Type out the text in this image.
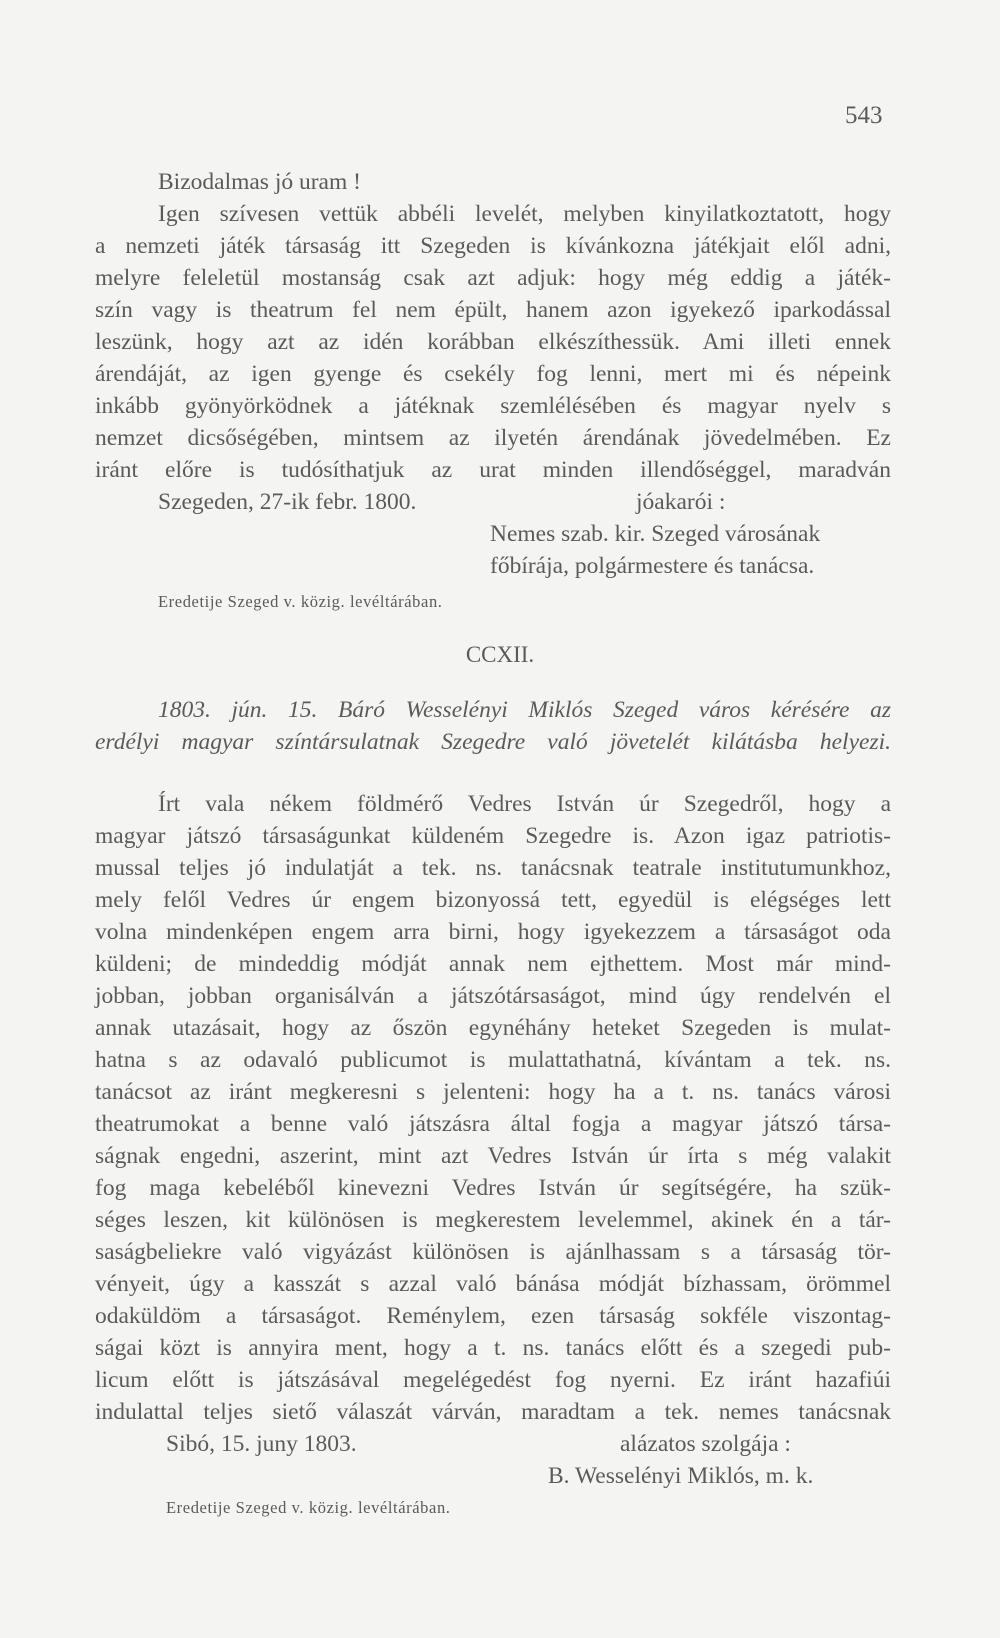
543
Bizodalmas jó uram !
Igen szívesen vettük abbéli levelét, melyben kinyilatkoztatott, hogy
a nemzeti játék társaság itt Szegeden is kívánkozna játékjait elől adni,
melyre feleletül mostanság csak azt adjuk: hogy még eddig a játék-
szín vagy is theatrum fel nem épült, hanem azon igyekező iparkodással
leszünk, hogy azt az idén korábban elkészíthessük. Ami illeti ennek
árendáját, az igen gyenge és csekély fog lenni, mert mi és népeink
inkább gyönyörködnek a játéknak szemlélésében és magyar nyelv s
nemzet dicsőségében, mintsem az ilyetén árendának jövedelmében. Ez
iránt előre is tudósíthatjuk az urat minden illendőséggel, maradván
Szegeden, 27-ik febr. 1800.	jóakarói :
Nemes szab. kir. Szeged városának
főbírája, polgármestere és tanácsa.
Eredetije Szeged v. közig. levéltárában.
CCXII.
1803. jún. 15. Báró Wesselényi Miklós Szeged város kérésére az
erdélyi magyar színtársulatnak Szegedre való jövetelét kilátásba helyezi.
Írt vala nékem földmérő Vedres István úr Szegedről, hogy a
magyar játszó társaságunkat küldeném Szegedre is. Azon igaz patriotis-
mussal teljes jó indulatját a tek. ns. tanácsnak teatrale institutumunkhoz,
mely felől Vedres úr engem bizonyossá tett, egyedül is elégséges lett
volna mindenképen engem arra birni, hogy igyekezzem a társaságot oda
küldeni; de mindeddig módját annak nem ejthettem. Most már mind-
jobban, jobban organisálván a játszótársaságot, mind úgy rendelvén el
annak utazásait, hogy az őszön egynéhány heteket Szegeden is mulat-
hatna s az odavaló publicumot is mulattathatná, kívántam a tek. ns.
tanácsot az iránt megkeresni s jelenteni: hogy ha a t. ns. tanács városi
theatrumokat a benne való játszásra által fogja a magyar játszó társa-
ságnak engedni, aszerint, mint azt Vedres István úr írta s még valakit
fog maga kebeléből kinevezni Vedres István úr segítségére, ha szük-
séges leszen, kit különösen is megkerestem levelemmel, akinek én a tár-
saságbeliekre való vigyázást különösen is ajánlhassam s a társaság tör-
vényeit, úgy a kasszát s azzal való bánása módját bízhassam, örömmel
odaküldöm a társaságot. Reménylem, ezen társaság sokféle viszontag-
ságai közt is annyira ment, hogy a t. ns. tanács előtt és a szegedi pub-
licum előtt is játszásával megelégedést fog nyerni. Ez iránt hazafiúi
indulattal teljes siető válaszát várván, maradtam a tek. nemes tanácsnak
Sibó, 15. juny 1803.	alázatos szolgája :
B. Wesselényi Miklós, m. k.
Eredetije Szeged v. közig. levéltárában.
